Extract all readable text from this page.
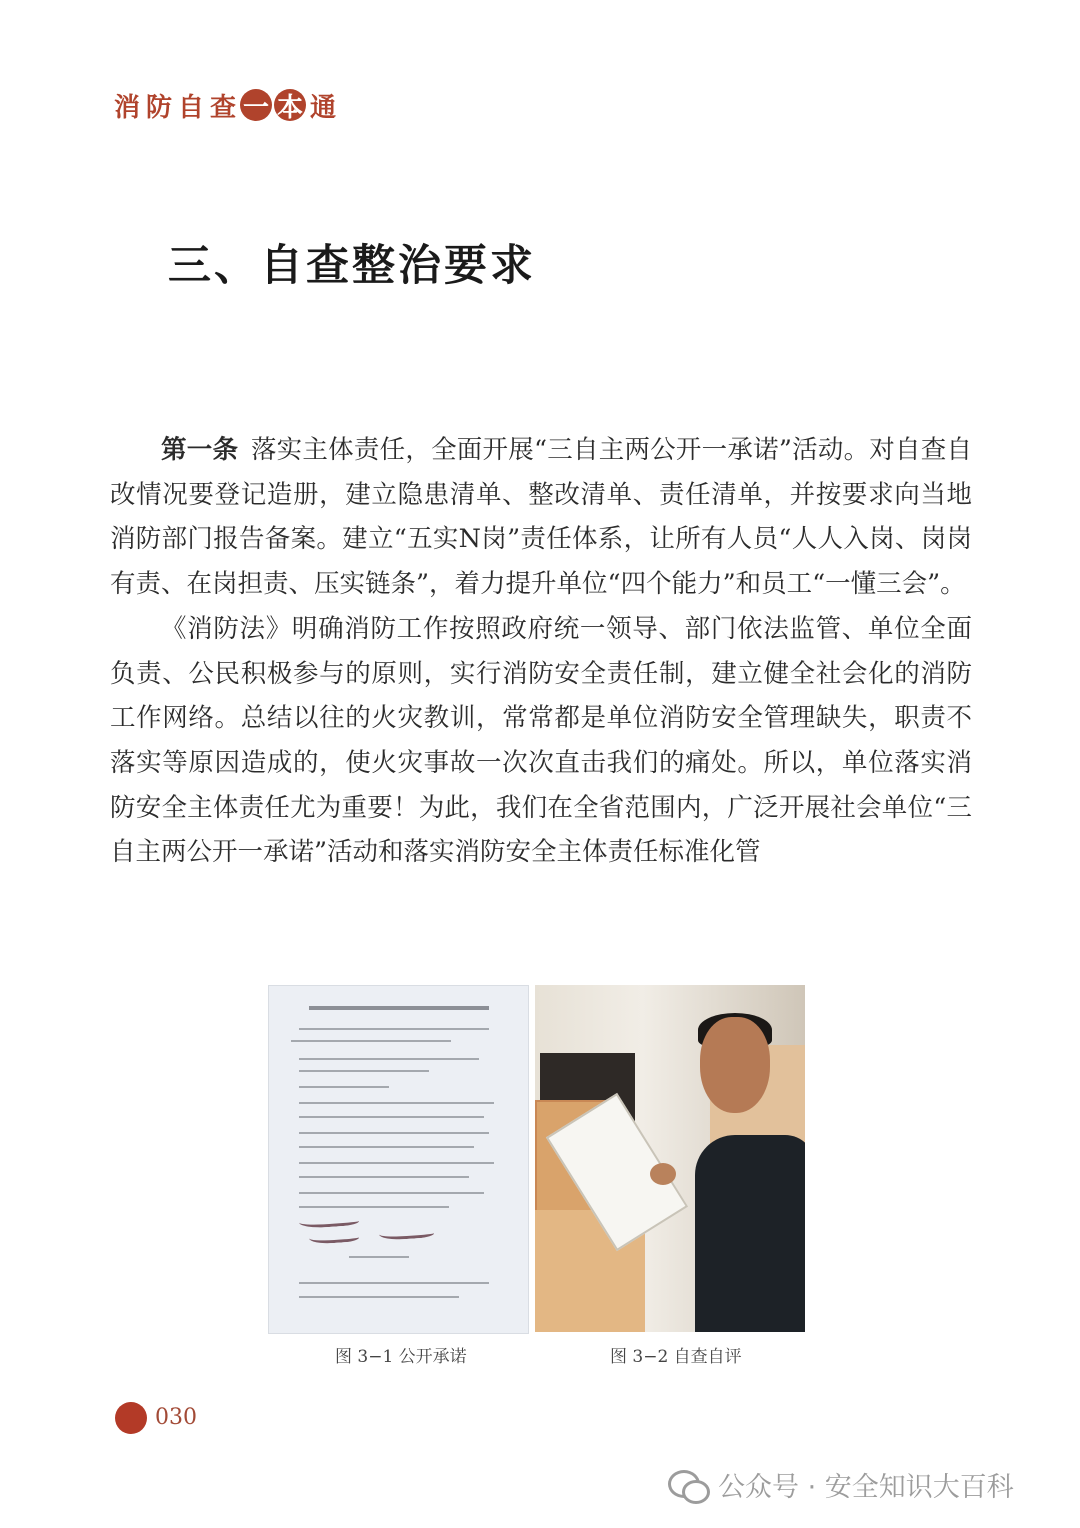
消 防 自 查 一 本 通
三、自查整治要求

第一条 落实主体责任，全面开展“三自主两公开一承诺”活动。对自查自改情况要登记造册，建立隐患清单、整改清单、责任清单，并按要求向当地消防部门报告备案。建立“五实N岗”责任体系，让所有人员“人人入岗、岗岗有责、在岗担责、压实链条”，着力提升单位“四个能力”和员工“一懂三会”。

《消防法》明确消防工作按照政府统一领导、部门依法监管、单位全面负责、公民积极参与的原则，实行消防安全责任制，建立健全社会化的消防工作网络。总结以往的火灾教训，常常都是单位消防安全管理缺失，职责不落实等原因造成的，使火灾事故一次次直击我们的痛处。所以，单位落实消防安全主体责任尤为重要！为此，我们在全省范围内，广泛开展社会单位“三自主两公开一承诺”活动和落实消防安全主体责任标准化管

图 3−1 公开承诺	图 3−2 自查自评
030
公众号 · 安全知识大百科
